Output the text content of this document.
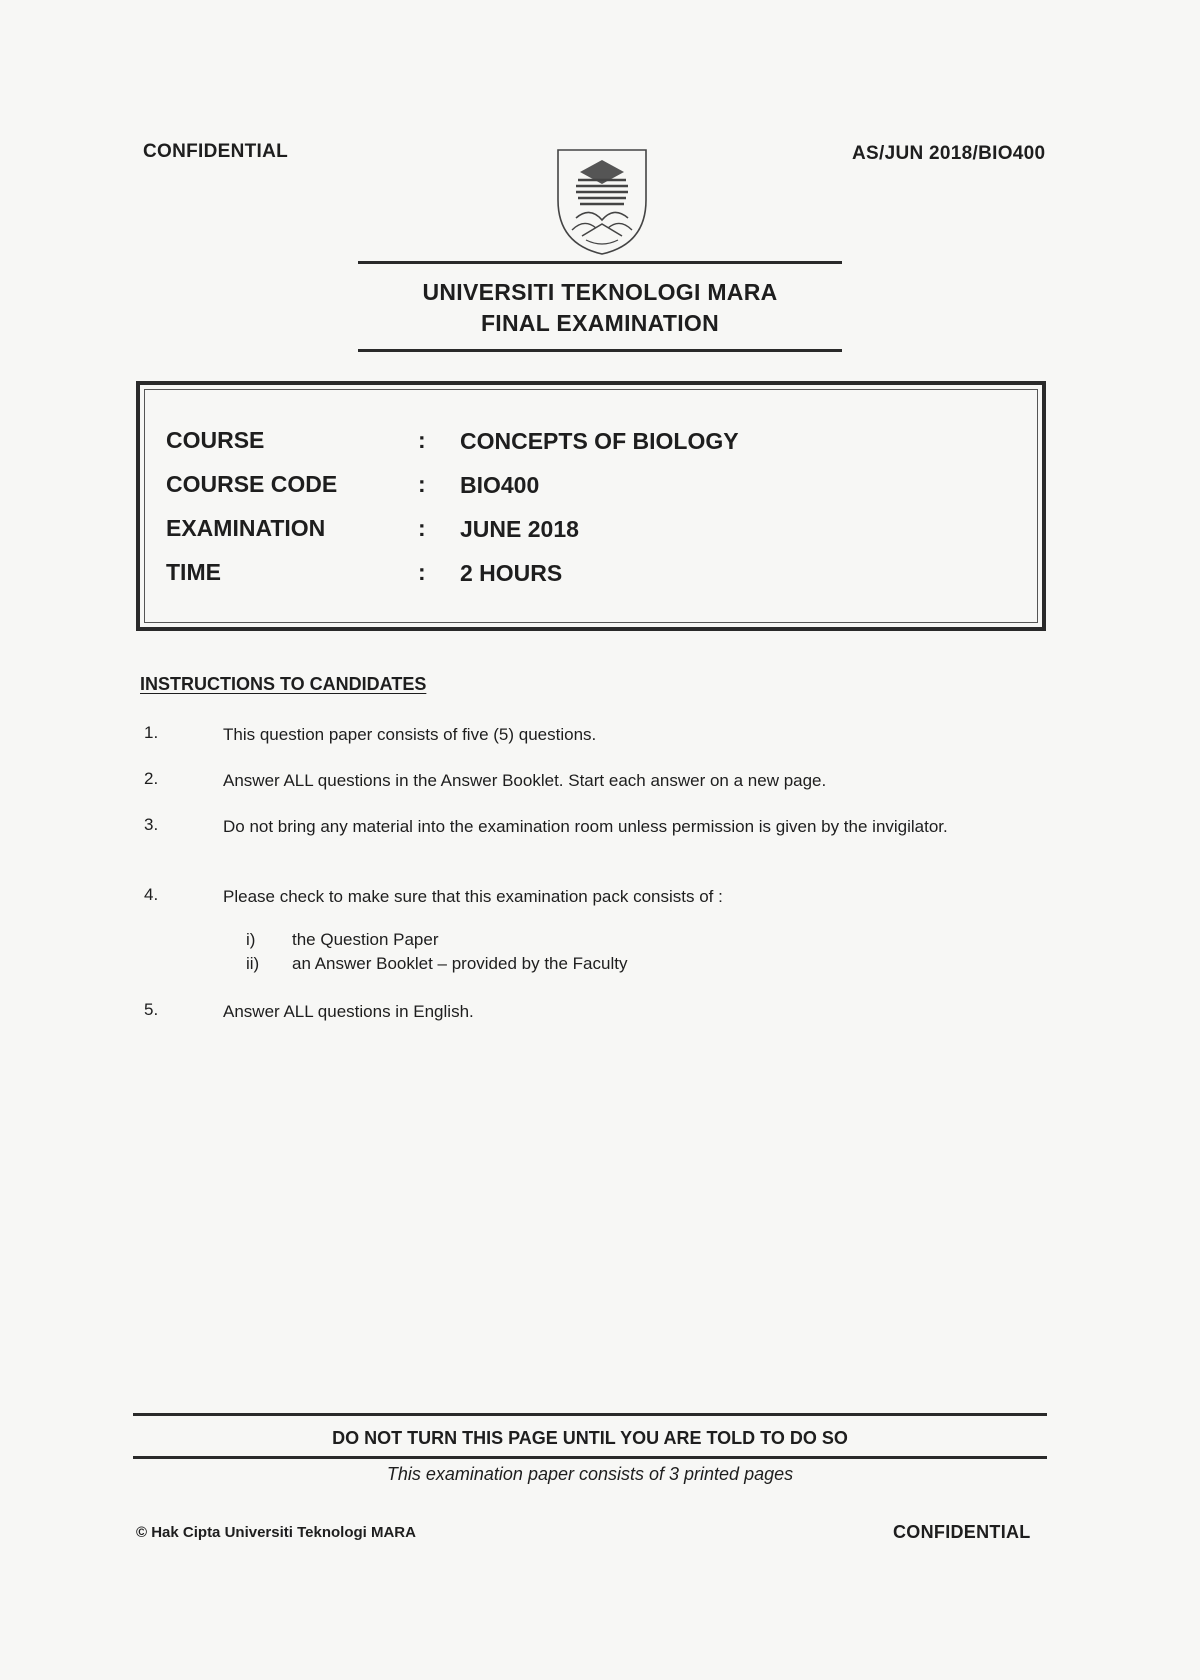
CONFIDENTIAL	AS/JUN 2018/BIO400
UNIVERSITI TEKNOLOGI MARA
FINAL EXAMINATION
COURSE	: CONCEPTS OF BIOLOGY
COURSE CODE	: BIO400
EXAMINATION	: JUNE 2018
TIME	: 2 HOURS
INSTRUCTIONS TO CANDIDATES
1.	This question paper consists of five (5) questions.
2.	Answer ALL questions in the Answer Booklet. Start each answer on a new page.
3.	Do not bring any material into the examination room unless permission is given by the invigilator.
4.	Please check to make sure that this examination pack consists of :
i) the Question Paper
ii) an Answer Booklet – provided by the Faculty
5.	Answer ALL questions in English.
DO NOT TURN THIS PAGE UNTIL YOU ARE TOLD TO DO SO
This examination paper consists of 3 printed pages
© Hak Cipta Universiti Teknologi MARA	CONFIDENTIAL
